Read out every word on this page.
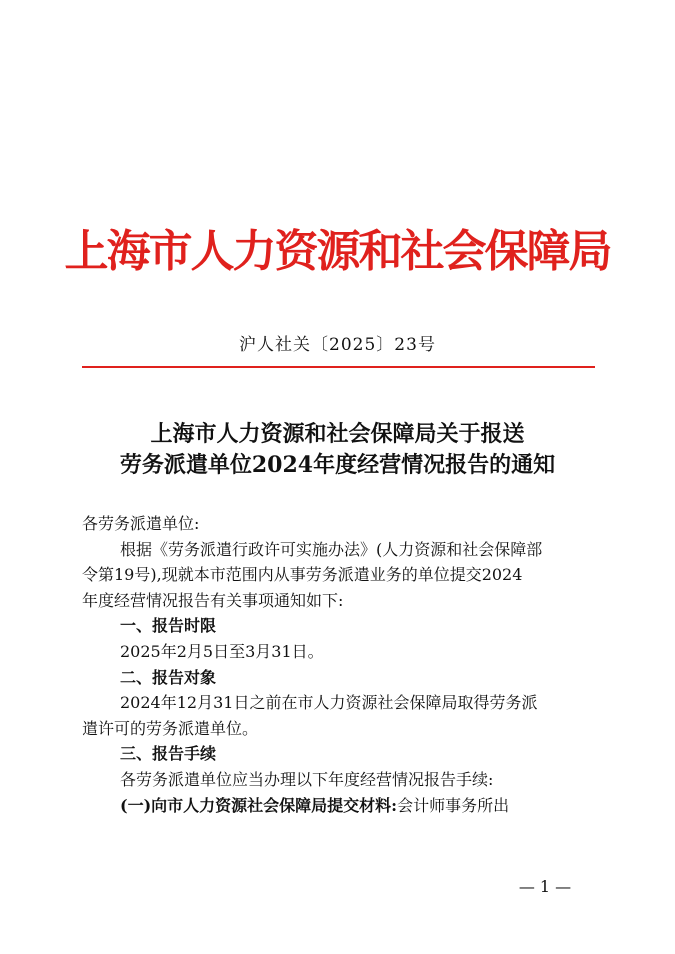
上海市人力资源和社会保障局
沪人社关〔2025〕23号
上海市人力资源和社会保障局关于报送
劳务派遣单位2024年度经营情况报告的通知

各劳务派遣单位:

根据《劳务派遣行政许可实施办法》(人力资源和社会保障部

令第19号),现就本市范围内从事劳务派遣业务的单位提交2024

年度经营情况报告有关事项通知如下:

一、报告时限

2025年2月5日至3月31日。

二、报告对象

2024年12月31日之前在市人力资源社会保障局取得劳务派

遣许可的劳务派遣单位。

三、报告手续

各劳务派遣单位应当办理以下年度经营情况报告手续:

(一)向市人力资源社会保障局提交材料:会计师事务所出

— 1 —
